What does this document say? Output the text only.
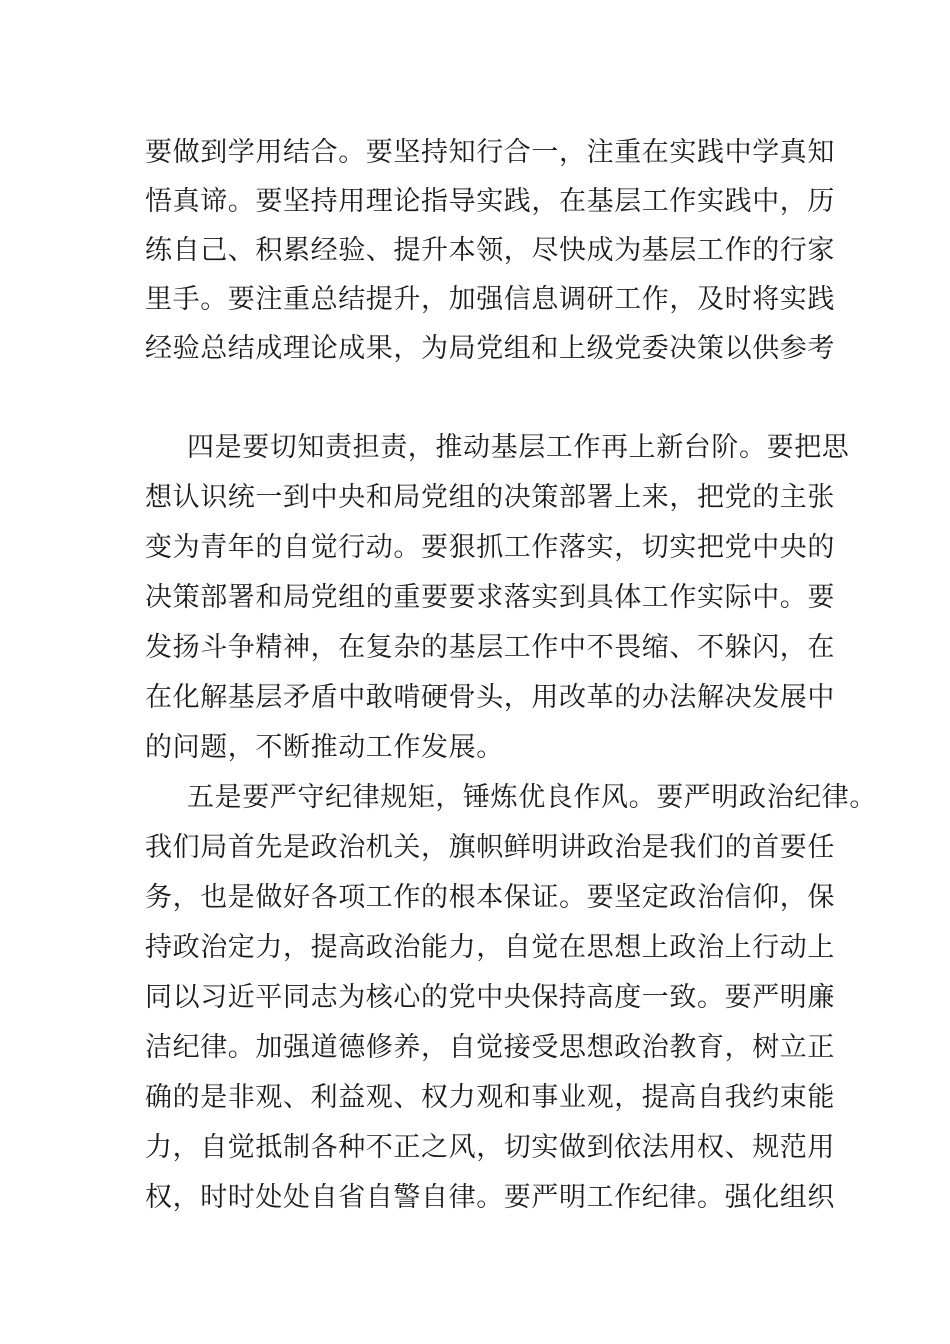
要做到学用结合。要坚持知行合一，注重在实践中学真知
悟真谛。要坚持用理论指导实践，在基层工作实践中，历
练自己、积累经验、提升本领，尽快成为基层工作的行家
里手。要注重总结提升，加强信息调研工作，及时将实践
经验总结成理论成果，为局党组和上级党委决策以供参考
四是要切知责担责，推动基层工作再上新台阶。要把思
想认识统一到中央和局党组的决策部署上来，把党的主张
变为青年的自觉行动。要狠抓工作落实，切实把党中央的
决策部署和局党组的重要要求落实到具体工作实际中。要
发扬斗争精神，在复杂的基层工作中不畏缩、不躲闪，在
在化解基层矛盾中敢啃硬骨头，用改革的办法解决发展中
的问题，不断推动工作发展。
五是要严守纪律规矩，锤炼优良作风。要严明政治纪律。
我们局首先是政治机关，旗帜鲜明讲政治是我们的首要任
务，也是做好各项工作的根本保证。要坚定政治信仰，保
持政治定力，提高政治能力，自觉在思想上政治上行动上
同以习近平同志为核心的党中央保持高度一致。要严明廉
洁纪律。加强道德修养，自觉接受思想政治教育，树立正
确的是非观、利益观、权力观和事业观，提高自我约束能
力，自觉抵制各种不正之风，切实做到依法用权、规范用
权，时时处处自省自警自律。要严明工作纪律。强化组织
